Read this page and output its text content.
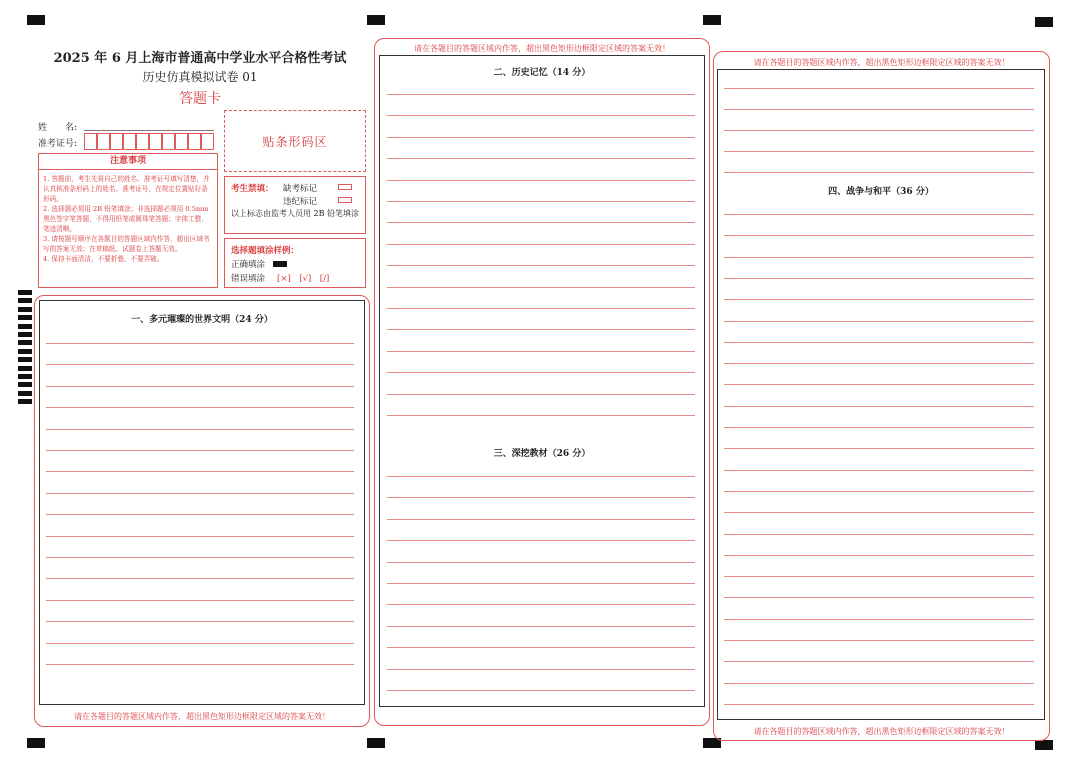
2025 年 6 月上海市普通高中学业水平合格性考试
历史仿真模拟试卷 01
答题卡
姓　　名:
准考证号:	贴条形码区
注意事项
1. 答题前，考生先将自己的姓名、准考证号填写清楚，并认真核准条形码上的姓名、准考证号，在规定位置贴好条形码。
2. 选择题必须用 2B 铅笔填涂；非选择题必须用 0.5mm 黑色签字笔答题，不得用铅笔或圆珠笔答题；字体工整、笔迹清晰。
3. 请按题号顺序在各题目的答题区域内作答，超出区域书写的答案无效；在草稿纸、试题卷上答题无效。
4. 保持卡面清洁，不要折叠、不要弄破。
考生禁填： 缺考标记
违纪标记
以上标志由监考人员用 2B 铅笔填涂
选择题填涂样例：
正确填涂
错误填涂 [×]　[√]　[/]
一、多元璀璨的世界文明（24 分）
请在各题目的答题区域内作答，超出黑色矩形边框限定区域的答案无效！
请在各题目的答题区域内作答，超出黑色矩形边框限定区域的答案无效！
二、历史记忆（14 分）
三、深挖教材（26 分）
请在各题目的答题区域内作答，超出黑色矩形边框限定区域的答案无效！
四、战争与和平（36 分）
请在各题目的答题区域内作答，超出黑色矩形边框限定区域的答案无效！
